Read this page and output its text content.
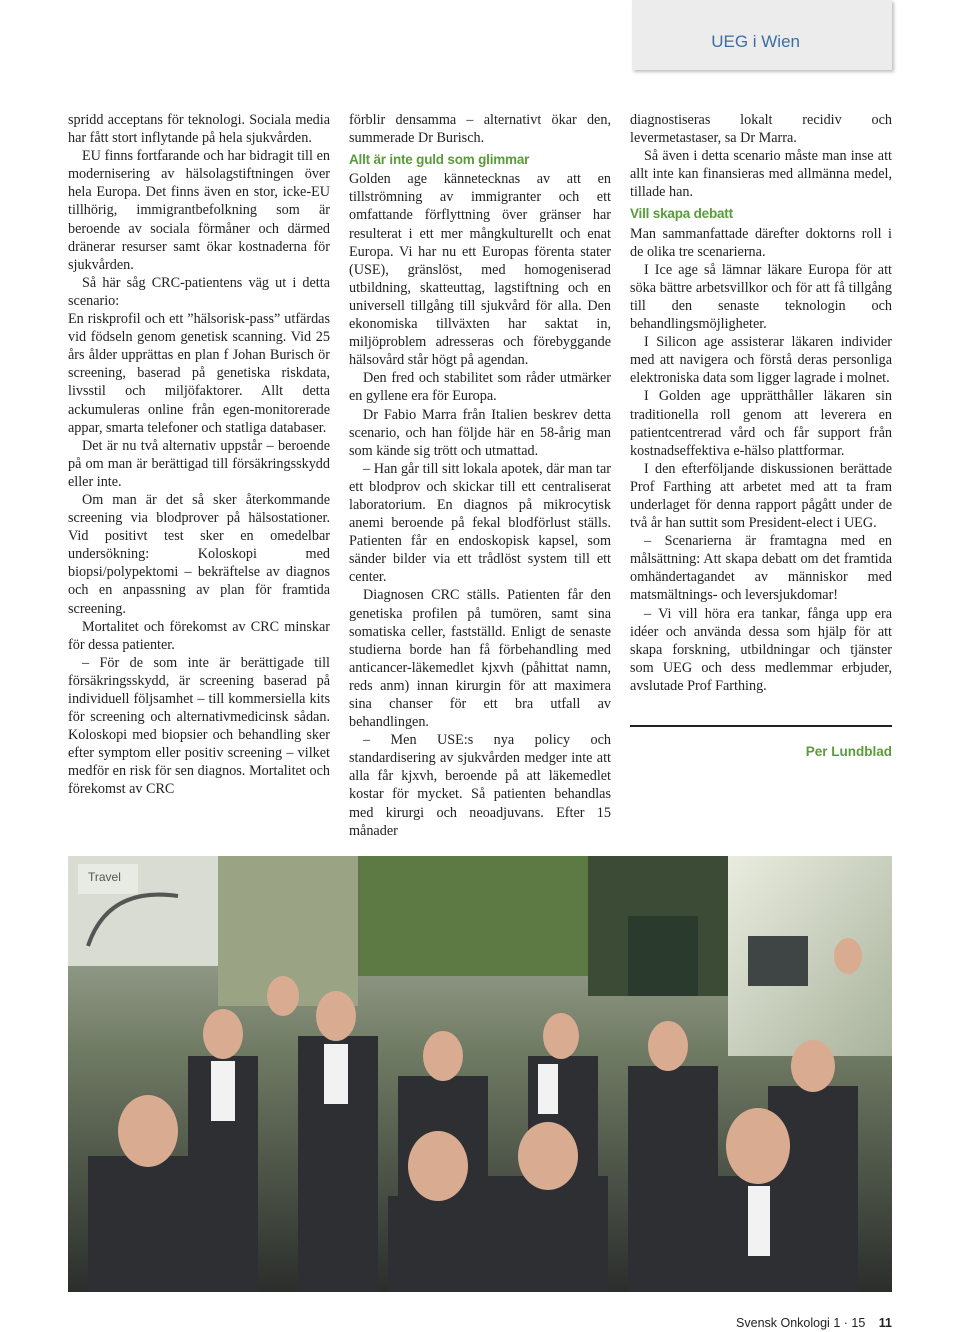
UEG i Wien

spridd acceptans för teknologi. Sociala media har fått stort inflytande på hela sjukvården.

EU finns fortfarande och har bidragit till en modernisering av hälsolagstiftningen över hela Europa. Det finns även en stor, icke-EU tillhörig, immigrantbefolkning som är beroende av sociala förmåner och därmed dränerar resurser samt ökar kostnaderna för sjukvården.

Så här såg CRC-patientens väg ut i detta scenario:

En riskprofil och ett ”hälsorisk-pass” utfärdas vid födseln genom genetisk scanning. Vid 25 års ålder upprättas en plan f Johan Burisch ör screening, baserad på genetiska riskdata, livsstil och miljöfaktorer. Allt detta ackumuleras online från egen-monitorerade appar, smarta telefoner och statliga databaser.

Det är nu två alternativ uppstår – beroende på om man är berättigad till försäkringsskydd eller inte.

Om man är det så sker återkommande screening via blodprover på hälsostationer. Vid positivt test sker en omedelbar undersökning: Koloskopi med biopsi/polypektomi – bekräftelse av diagnos och en anpassning av plan för framtida screening.

Mortalitet och förekomst av CRC minskar för dessa patienter.

– För de som inte är berättigade till försäkringsskydd, är screening baserad på individuell följsamhet – till kommersiella kits för screening och alternativmedicinsk sådan. Koloskopi med biopsier och behandling sker efter symptom eller positiv screening – vilket medför en risk för sen diagnos. Mortalitet och förekomst av CRC

förblir densamma – alternativt ökar den, summerade Dr Burisch.

Allt är inte guld som glimmar

Golden age kännetecknas av att en tillströmning av immigranter och ett omfattande förflyttning över gränser har resulterat i ett mer mångkulturellt och enat Europa. Vi har nu ett Europas förenta stater (USE), gränslöst, med homogeniserad utbildning, skatteuttag, lagstiftning och en universell tillgång till sjukvård för alla. Den ekonomiska tillväxten har saktat in, miljöproblem adresseras och förebyggande hälsovård står högt på agendan.

Den fred och stabilitet som råder utmärker en gyllene era för Europa.

Dr Fabio Marra från Italien beskrev detta scenario, och han följde här en 58-årig man som kände sig trött och utmattad.

– Han går till sitt lokala apotek, där man tar ett blodprov och skickar till ett centraliserat laboratorium. En diagnos på mikrocytisk anemi beroende på fekal blodförlust ställs. Patienten får en endoskopisk kapsel, som sänder bilder via ett trådlöst system till ett center.

Diagnosen CRC ställs. Patienten får den genetiska profilen på tumören, samt sina somatiska celler, fastställd. Enligt de senaste studierna borde han få förbehandling med anticancer-läkemedlet kjxvh (påhittat namn, reds anm) innan kirurgin för att maximera sina chanser för ett bra utfall av behandlingen.

– Men USE:s nya policy och standardisering av sjukvården medger inte att alla får kjxvh, beroende på att läkemedlet kostar för mycket. Så patienten behandlas med kirurgi och neoadjuvans. Efter 15 månader

diagnostiseras lokalt recidiv och levermetastaser, sa Dr Marra.

Så även i detta scenario måste man inse att allt inte kan finansieras med allmänna medel, tillade han.

Vill skapa debatt

Man sammanfattade därefter doktorns roll i de olika tre scenarierna.

I Ice age så lämnar läkare Europa för att söka bättre arbetsvillkor och för att få tillgång till den senaste teknologin och behandlingsmöjligheter.

I Silicon age assisterar läkaren individer med att navigera och förstå deras personliga elektroniska data som ligger lagrade i molnet.

I Golden age upprätthåller läkaren sin traditionella roll genom att leverera en patientcentrerad vård och får support från kostnadseffektiva e-hälso plattformar.

I den efterföljande diskussionen berättade Prof Farthing att arbetet med att ta fram underlaget för denna rapport pågått under de två år han suttit som President-elect i UEG.

– Scenarierna är framtagna med en målsättning: Att skapa debatt om det framtida omhändertagandet av människor med matsmältnings- och leversjukdomar!

– Vi vill höra era tankar, fånga upp era idéer och använda dessa som hjälp för att skapa forskning, utbildningar och tjänster som UEG och dess medlemmar erbjuder, avslutade Prof Farthing.

Per Lundblad
Travel
Svensk Onkologi 1 · 15 11
